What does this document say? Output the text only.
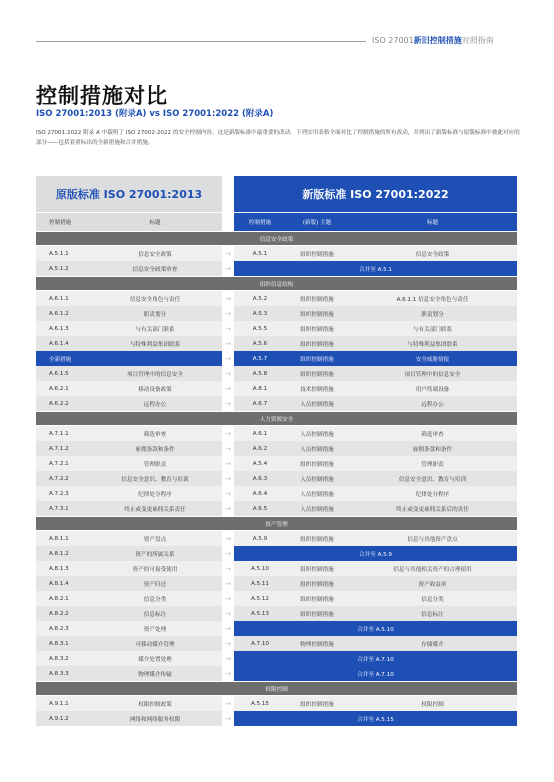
ISO 27001新旧控制措施对照指南
控制措施对比
ISO 27001:2013 (附录A) vs ISO 27001:2022 (附录A)
ISO 27001:2022 附录 A 中载明了 ISO 27002:2022 的安全控制内容，这是新版标准中最重要的改动。下列实用表格全面对比了控制措施的所有改动，并列出了新版标准与原版标准中被此对应的部分——包括着重标出的全新措施和合并措施。
原版标准 ISO 27001:2013	新版标准 ISO 27001:2022
控制措施	标题	控制措施	(新版) 主题	标题
信息安全政策
A.5.1.1	信息安全政策	→	A.5.1	组织控制措施	信息安全政策
A.5.1.2	信息安全政策审查	→	合并至 A.5.1
组织信息结构
A.6.1.1	信息安全角色与责任	→	A.5.2	组织控制措施	A.6.1.1 信息安全角色与责任
A.6.1.2	职责划分	→	A.5.3	组织控制措施	职责划分
A.6.1.3	与有关部门联系	→	A.5.5	组织控制措施	与有关部门联系
A.6.1.4	与特殊利益集团联系	→	A.5.6	组织控制措施	与特殊利益集团联系
全新措施	→	A.5.7	组织控制措施	安全威胁情报
A.6.1.5	项目管理中的信息安全	→	A.5.8	组织控制措施	项目管理中的信息安全
A.6.2.1	移动设备政策	→	A.8.1	技术控制措施	用户终端设备
A.6.2.2	远程办公	→	A.6.7	人员控制措施	远程办公
人力资源安全
A.7.1.1	筛选审查	→	A.6.1	人员控制措施	筛选审查
A.7.1.2	雇佣条款和条件	→	A.6.2	人员控制措施	雇佣条款和条件
A.7.2.1	管理职责	→	A.5.4	组织控制措施	管理职责
A.7.2.2	信息安全意识、教育与培训	→	A.6.3	人员控制措施	信息安全意识、教育与培训
A.7.2.3	纪律处分程序	→	A.6.4	人员控制措施	纪律处分程序
A.7.3.1	终止或变更雇佣关系责任	→	A.6.5	人员控制措施	终止或变更雇佣关系后的责任
资产管理
A.8.1.1	资产盘点	→	A.5.9	组织控制措施	信息与其他资产盘点
A.8.1.2	资产的所属关系	→	合并至 A.5.9
A.8.1.3	资产的可接受使用	→	A.5.10	组织控制措施	信息与其他相关资产的合理使用
A.8.1.4	资产归还	→	A.5.11	组织控制措施	资产收益率
A.8.2.1	信息分类	→	A.5.12	组织控制措施	信息分类
A.8.2.2	信息标注	→	A.5.13	组织控制措施	信息标注
A.8.2.3	资产处理	→	合并至 A.5.10
A.8.3.1	可移动媒介管理	→	A.7.10	物理控制措施	存储媒介
A.8.3.2	媒介处置处理	→	合并至 A.7.10
A.8.3.3	物理媒介传输	→	合并至 A.7.10
权限控制
A.9.1.1	权限控制政策	→	A.5.15	组织控制措施	权限控制
A.9.1.2	网络和网络服务权限	→	合并至 A.5.15
